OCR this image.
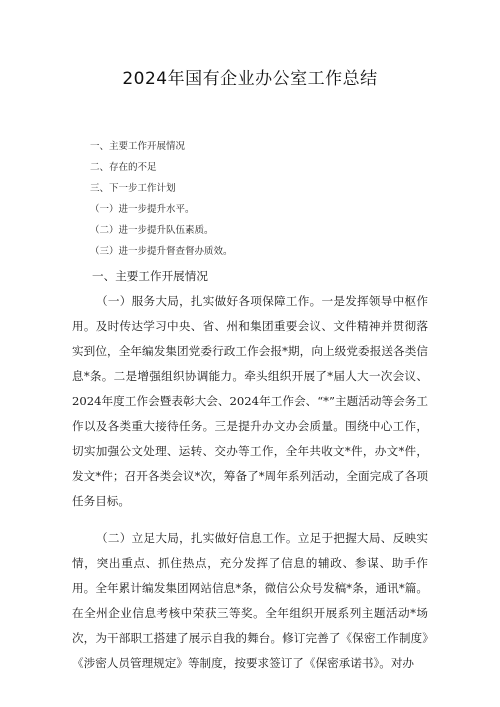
2024年国有企业办公室工作总结
一、主要工作开展情况
二、存在的不足
三、下一步工作计划
（一）进一步提升水平。
（二）进一步提升队伍素质。
（三）进一步提升督查督办质效。
一、主要工作开展情况

（一）服务大局，扎实做好各项保障工作。一是发挥领导中枢作用。及时传达学习中央、省、州和集团重要会议、文件精神并贯彻落实到位，全年编发集团党委行政工作会报*期，向上级党委报送各类信息*条。二是增强组织协调能力。牵头组织开展了*届人大一次会议、2024年度工作会暨表彰大会、2024年工作会、“*”主题活动等会务工作以及各类重大接待任务。三是提升办文办会质量。围绕中心工作，切实加强公文处理、运转、交办等工作，全年共收文*件，办文*件，发文*件；召开各类会议*次，筹备了*周年系列活动，全面完成了各项任务目标。

（二）立足大局，扎实做好信息工作。立足于把握大局、反映实情，突出重点、抓住热点，充分发挥了信息的辅政、参谋、助手作用。全年累计编发集团网站信息*条，微信公众号发稿*条，通讯*篇。在全州企业信息考核中荣获三等奖。全年组织开展系列主题活动*场次，为干部职工搭建了展示自我的舞台。修订完善了《保密工作制度》《涉密人员管理规定》等制度，按要求签订了《保密承诺书》。对办
